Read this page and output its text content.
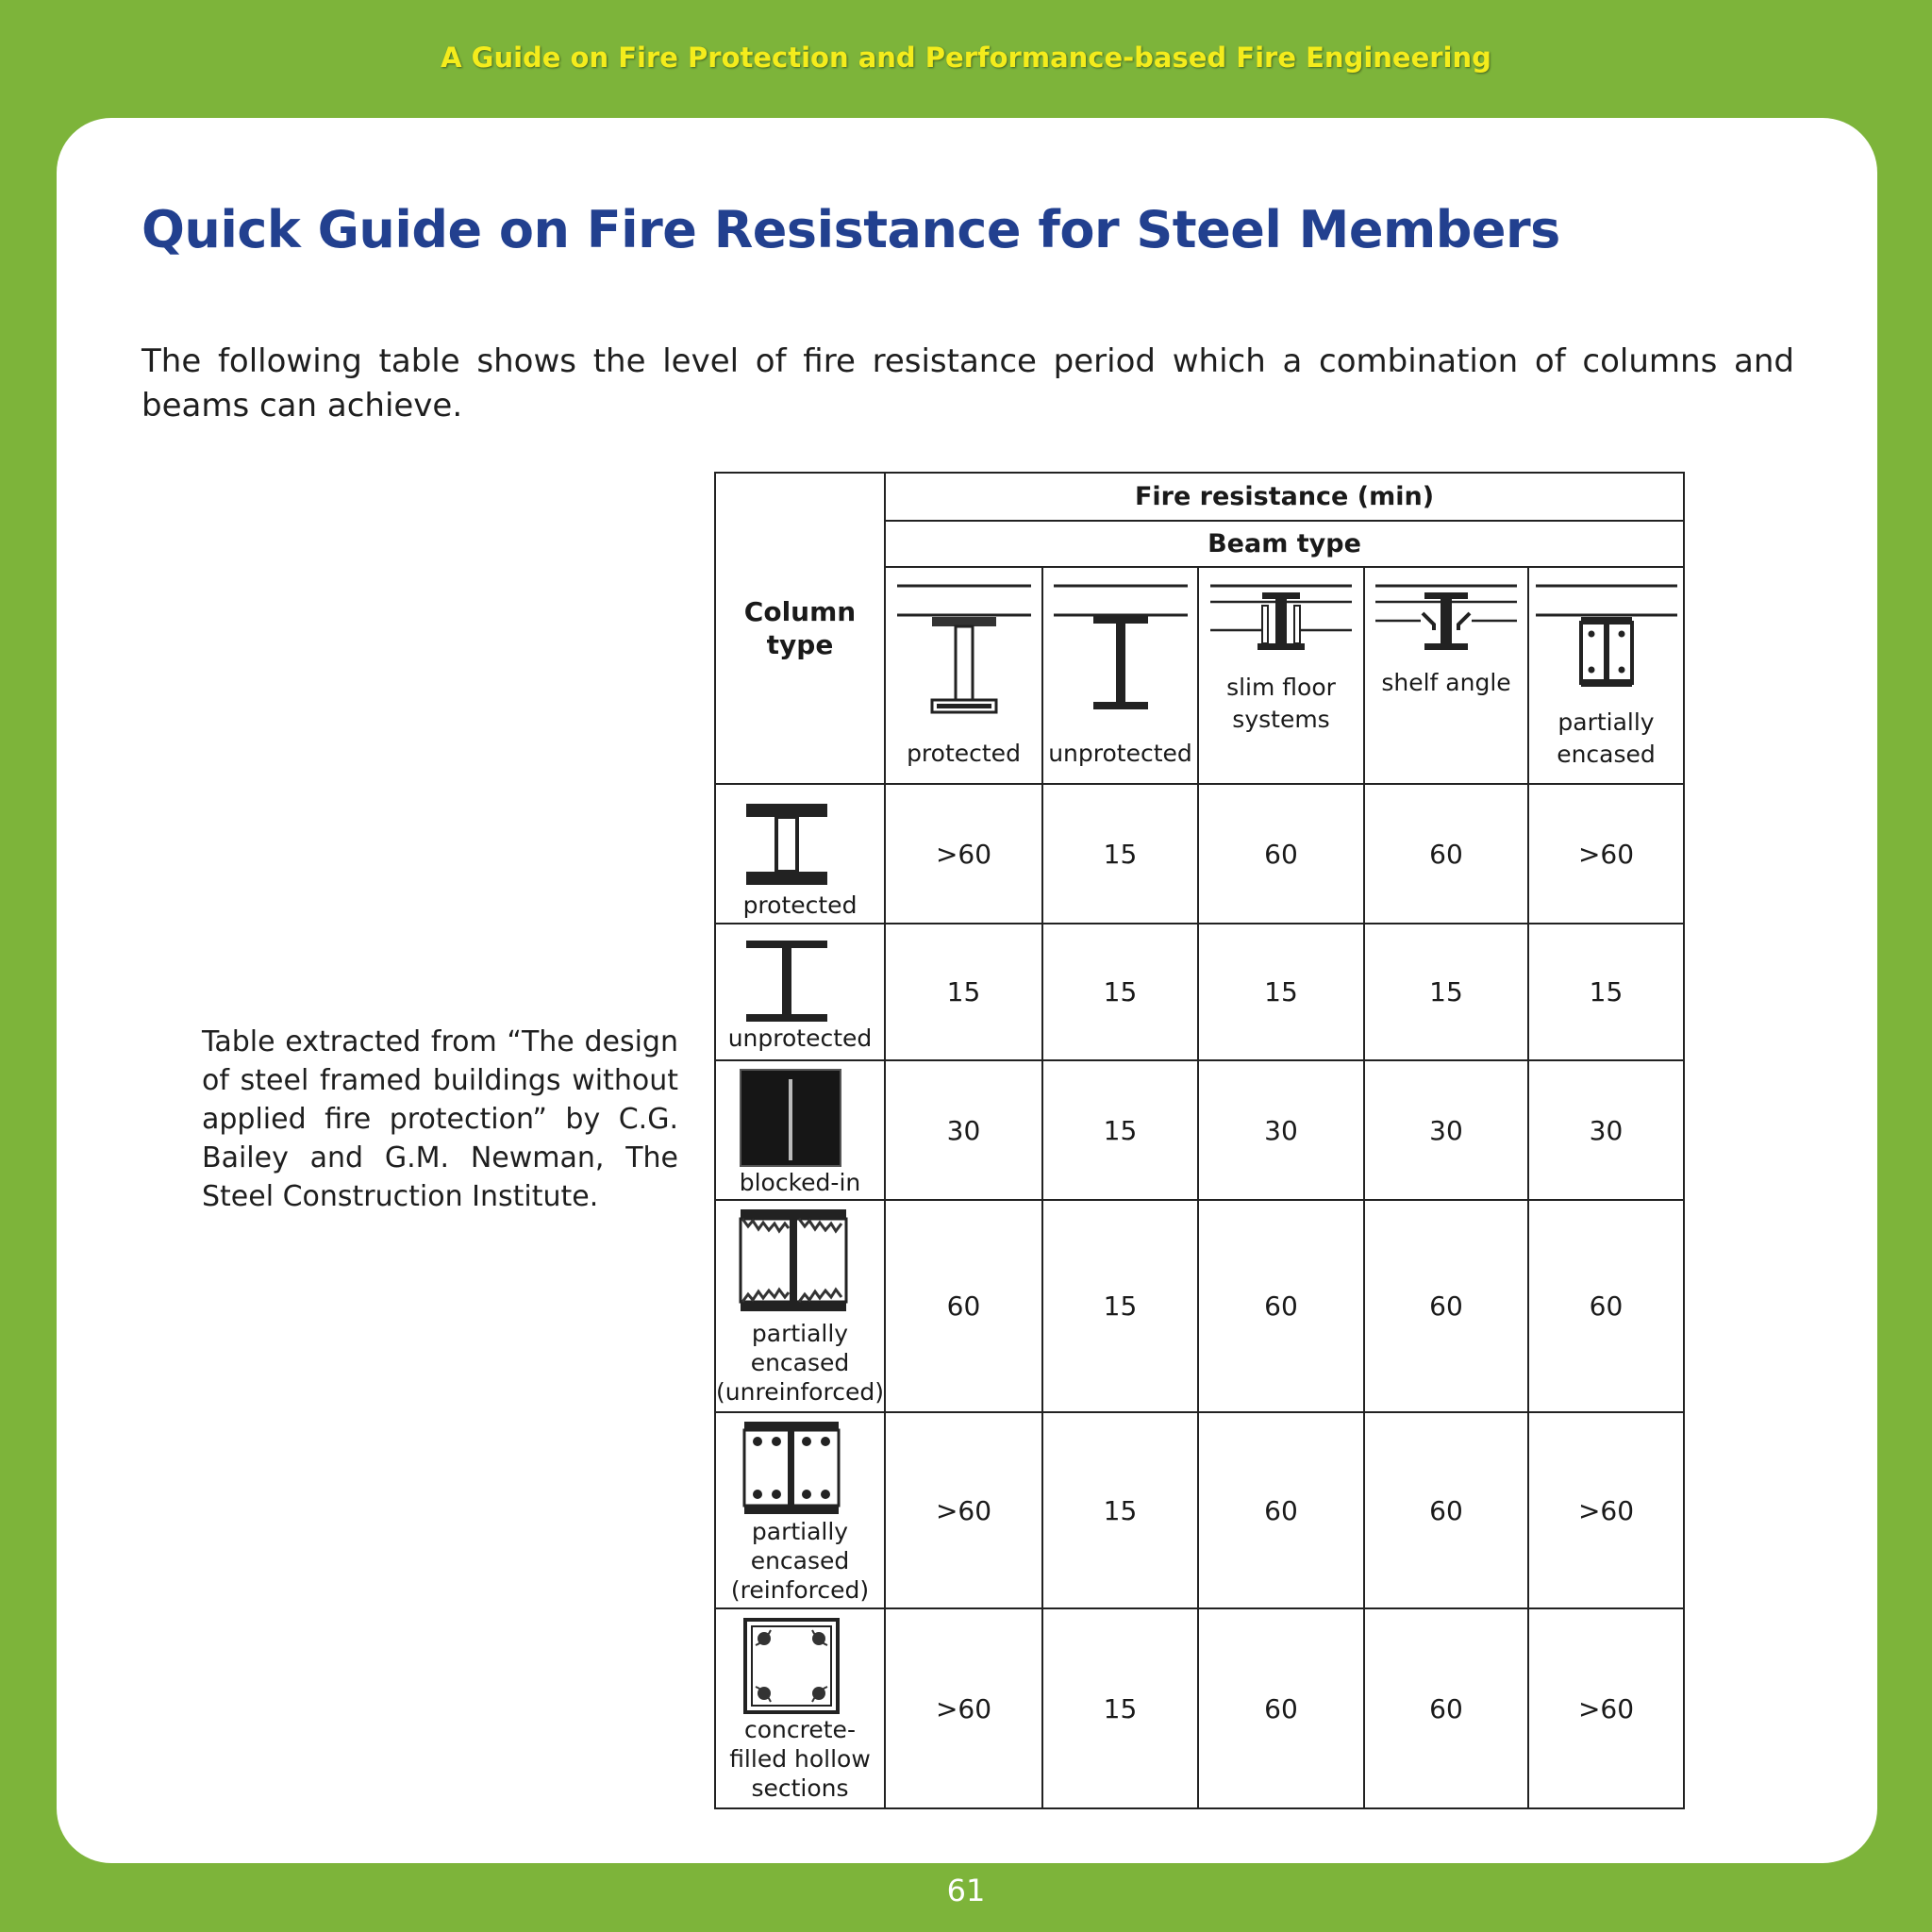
A Guide on Fire Protection and Performance-based Fire Engineering
Quick Guide on Fire Resistance for Steel Members

The following table shows the level of fire resistance period which a combination of columns and beams can achieve.

Table extracted from “The design of steel framed buildings without applied fire protection” by C.G. Bailey and G.M. Newman, The Steel Construction Institute.

Column type	Fire resistance (min)				
	Beam type				

	protected	unprotected	slim floor systems	shelf angle	partially encased

protected	>60	15	60	60	>60

unprotected	15	15	15	15	15

blocked-in	30	15	30	30	30

partially encased (unreinforced)	60	15	60	60	60

partially encased (reinforced)	>60	15	60	60	>60

concrete-filled hollow sections	>60	15	60	60	>60
61
